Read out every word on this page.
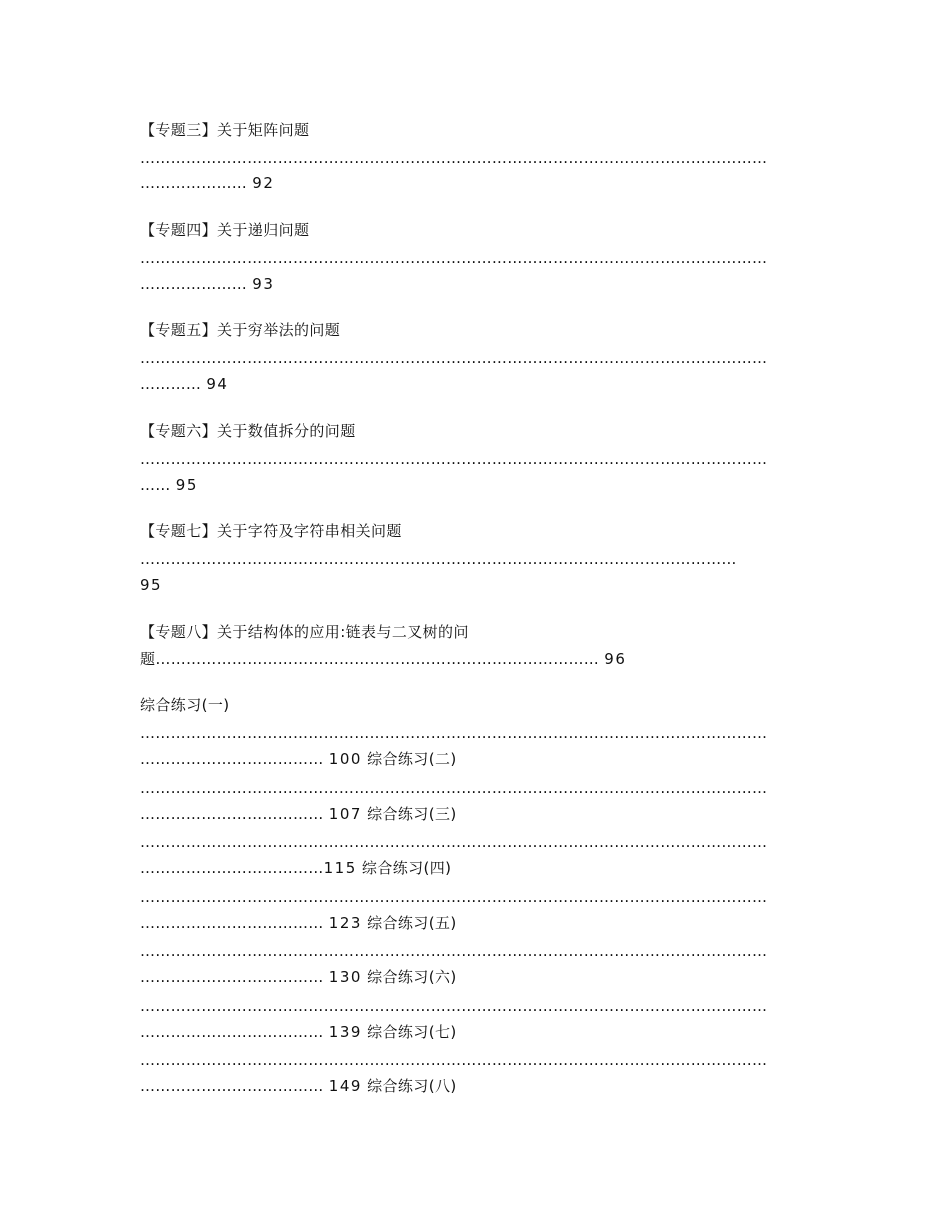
【专题三】关于矩阵问题
……………………………………………………………………………………………………………
………………… 92
【专题四】关于递归问题
……………………………………………………………………………………………………………
………………… 93
【专题五】关于穷举法的问题
……………………………………………………………………………………………………………
………… 94
【专题六】关于数值拆分的问题
……………………………………………………………………………………………………………
…… 95
【专题七】关于字符及字符串相关问题
………………………………………………………………………………………………………
95
【专题八】关于结构体的应用:链表与二叉树的问
题…………………………………………………………………………… 96
综合练习(一)
……………………………………………………………………………………………………………
……………………………… 100 综合练习(二)
……………………………………………………………………………………………………………
……………………………… 107 综合练习(三)
……………………………………………………………………………………………………………
………………………………115 综合练习(四)
……………………………………………………………………………………………………………
……………………………… 123 综合练习(五)
……………………………………………………………………………………………………………
……………………………… 130 综合练习(六)
……………………………………………………………………………………………………………
……………………………… 139 综合练习(七)
……………………………………………………………………………………………………………
……………………………… 149 综合练习(八)
